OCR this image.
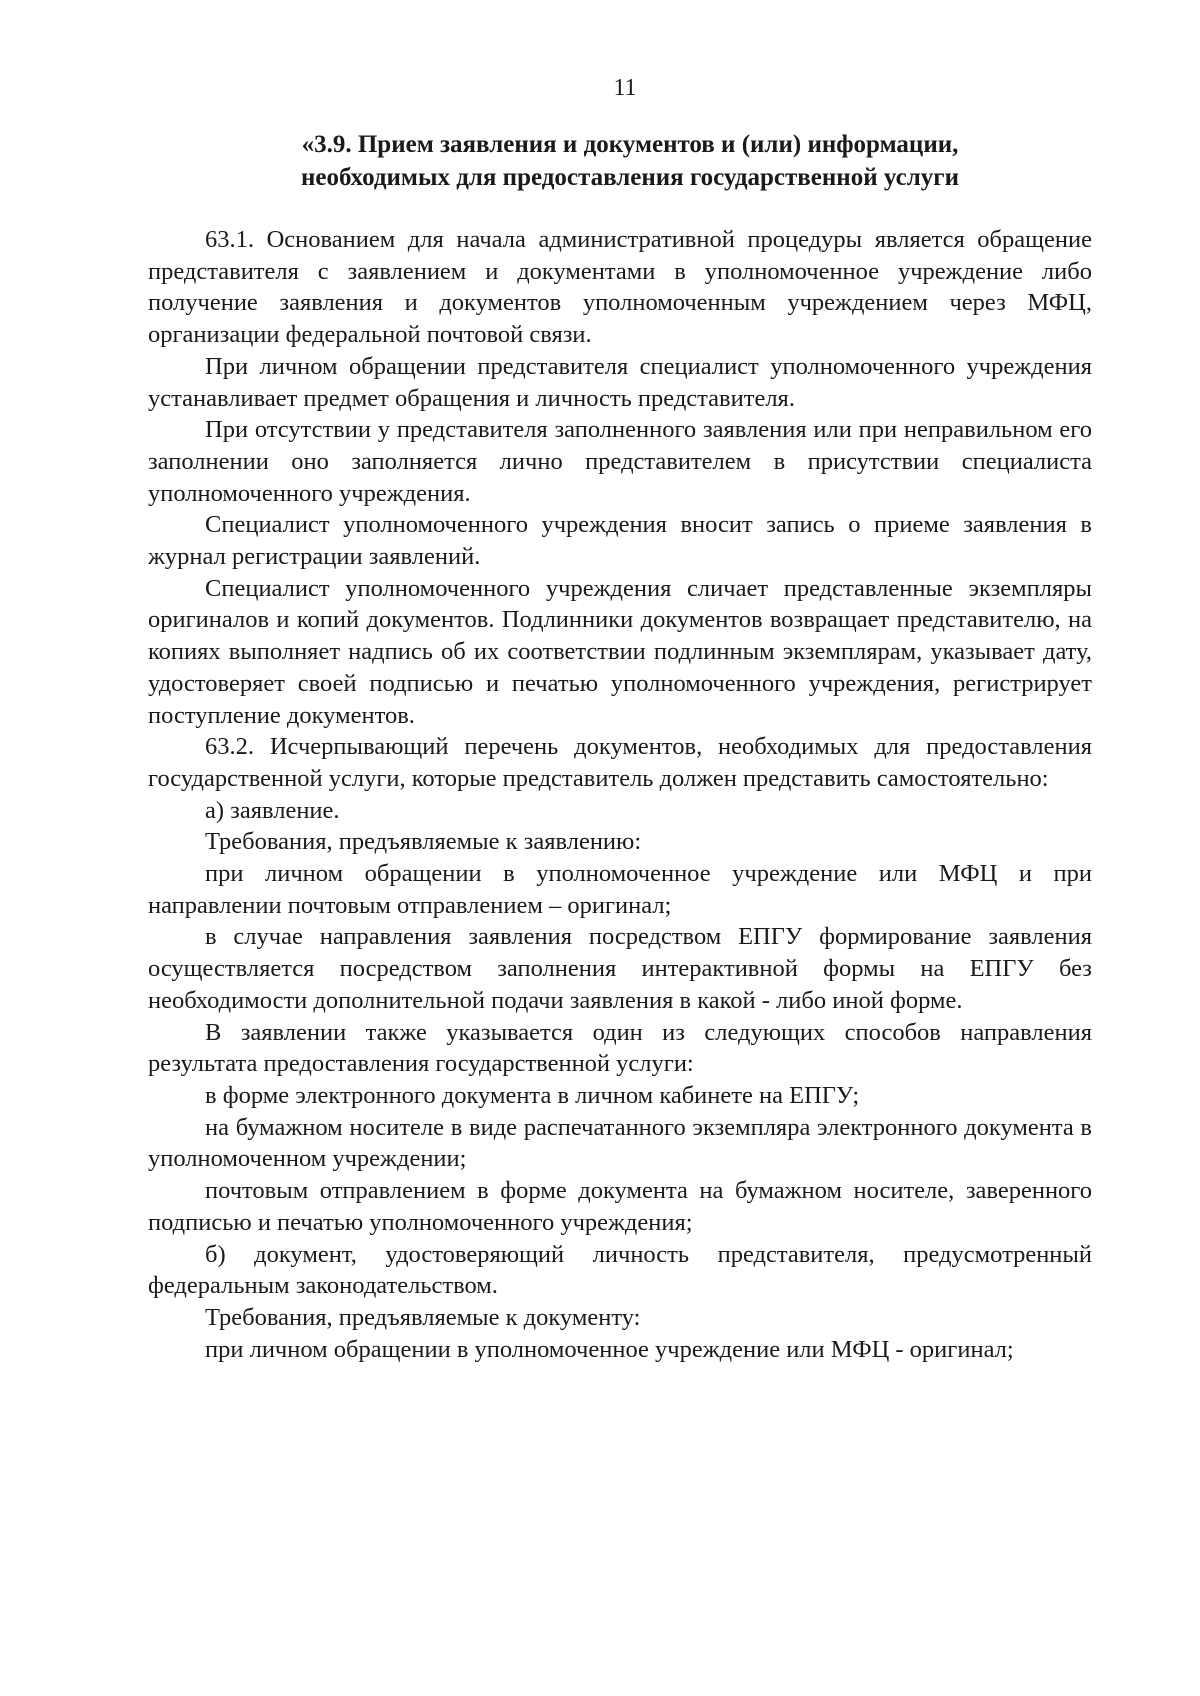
11
«3.9. Прием заявления и документов и (или) информации,
необходимых для предоставления государственной услуги

63.1. Основанием для начала административной процедуры является обращение представителя с заявлением и документами в уполномоченное учреждение либо получение заявления и документов уполномоченным учреждением через МФЦ, организации федеральной почтовой связи.

При личном обращении представителя специалист уполномоченного учреждения устанавливает предмет обращения и личность представителя.

При отсутствии у представителя заполненного заявления или при неправильном его заполнении оно заполняется лично представителем в присутствии специалиста уполномоченного учреждения.

Специалист уполномоченного учреждения вносит запись о приеме заявления в журнал регистрации заявлений.

Специалист уполномоченного учреждения сличает представленные экземпляры оригиналов и копий документов. Подлинники документов возвращает представителю, на копиях выполняет надпись об их соответствии подлинным экземплярам, указывает дату, удостоверяет своей подписью и печатью уполномоченного учреждения, регистрирует поступление документов.

63.2. Исчерпывающий перечень документов, необходимых для предоставления государственной услуги, которые представитель должен представить самостоятельно:

а) заявление.

Требования, предъявляемые к заявлению:

при личном обращении в уполномоченное учреждение или МФЦ и при направлении почтовым отправлением – оригинал;

в случае направления заявления посредством ЕПГУ формирование заявления осуществляется посредством заполнения интерактивной формы на ЕПГУ без необходимости дополнительной подачи заявления в какой - либо иной форме.

В заявлении также указывается один из следующих способов направления результата предоставления государственной услуги:

в форме электронного документа в личном кабинете на ЕПГУ;

на бумажном носителе в виде распечатанного экземпляра электронного документа в уполномоченном учреждении;

почтовым отправлением в форме документа на бумажном носителе, заверенного подписью и печатью уполномоченного учреждения;

б) документ, удостоверяющий личность представителя, предусмотренный федеральным законодательством.

Требования, предъявляемые к документу:

при личном обращении в уполномоченное учреждение или МФЦ - оригинал;
